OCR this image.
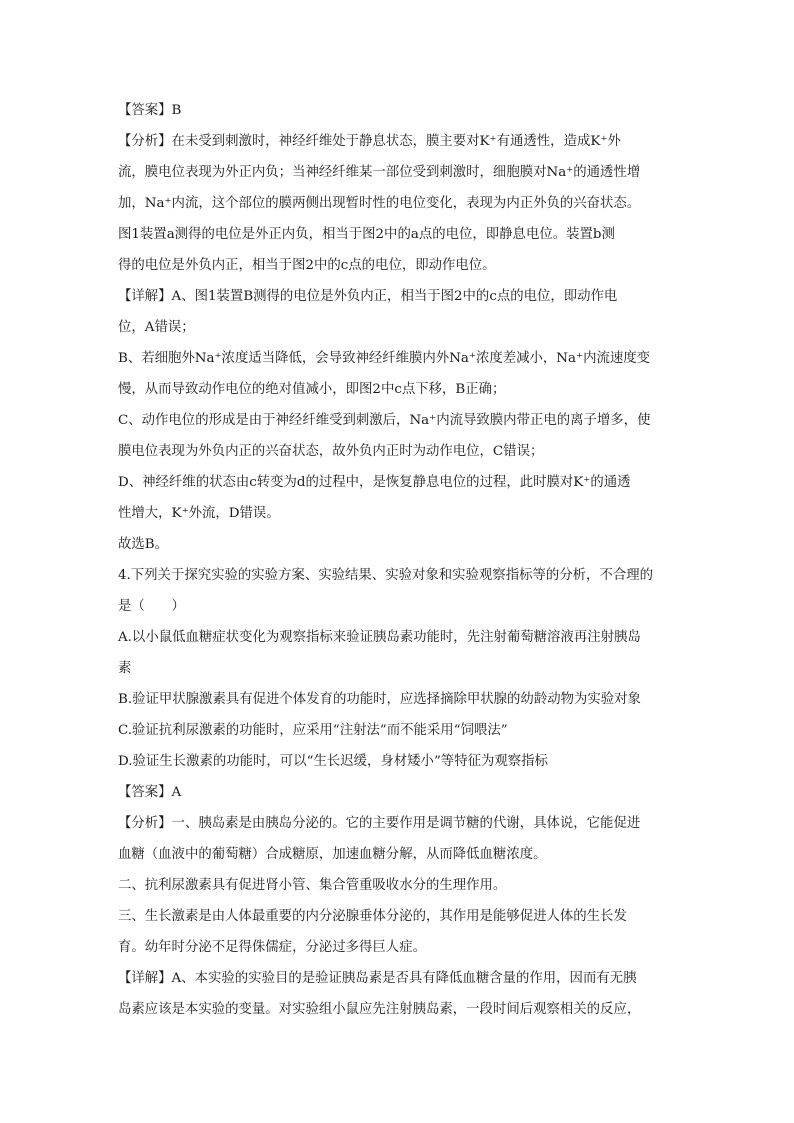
【答案】B
【分析】在未受到刺激时，神经纤维处于静息状态，膜主要对K⁺有通透性，造成K⁺外
流，膜电位表现为外正内负；当神经纤维某一部位受到刺激时，细胞膜对Na⁺的通透性增
加，Na⁺内流，这个部位的膜两侧出现暂时性的电位变化，表现为内正外负的兴奋状态。
图1装置a测得的电位是外正内负，相当于图2中的a点的电位，即静息电位。装置b测
得的电位是外负内正，相当于图2中的c点的电位，即动作电位。
【详解】A、图1装置B测得的电位是外负内正，相当于图2中的c点的电位，即动作电
位，A错误；
B、若细胞外Na⁺浓度适当降低，会导致神经纤维膜内外Na⁺浓度差减小，Na⁺内流速度变
慢，从而导致动作电位的绝对值减小，即图2中c点下移，B正确；
C、动作电位的形成是由于神经纤维受到刺激后，Na⁺内流导致膜内带正电的离子增多，使
膜电位表现为外负内正的兴奋状态，故外负内正时为动作电位，C错误；
D、神经纤维的状态由c转变为d的过程中，是恢复静息电位的过程，此时膜对K⁺的通透
性增大，K⁺外流，D错误。
故选B。
4.下列关于探究实验的实验方案、实验结果、实验对象和实验观察指标等的分析，不合理的
是（　　）
A.以小鼠低血糖症状变化为观察指标来验证胰岛素功能时，先注射葡萄糖溶液再注射胰岛
素
B.验证甲状腺激素具有促进个体发育的功能时，应选择摘除甲状腺的幼龄动物为实验对象
C.验证抗利尿激素的功能时，应采用“注射法”而不能采用“饲喂法”
D.验证生长激素的功能时，可以“生长迟缓，身材矮小”等特征为观察指标
【答案】A
【分析】一、胰岛素是由胰岛分泌的。它的主要作用是调节糖的代谢，具体说，它能促进
血糖（血液中的葡萄糖）合成糖原，加速血糖分解，从而降低血糖浓度。
二、抗利尿激素具有促进肾小管、集合管重吸收水分的生理作用。
三、生长激素是由人体最重要的内分泌腺垂体分泌的，其作用是能够促进人体的生长发
育。幼年时分泌不足得侏儒症，分泌过多得巨人症。
【详解】A、本实验的实验目的是验证胰岛素是否具有降低血糖含量的作用，因而有无胰
岛素应该是本实验的变量。对实验组小鼠应先注射胰岛素，一段时间后观察相关的反应，
